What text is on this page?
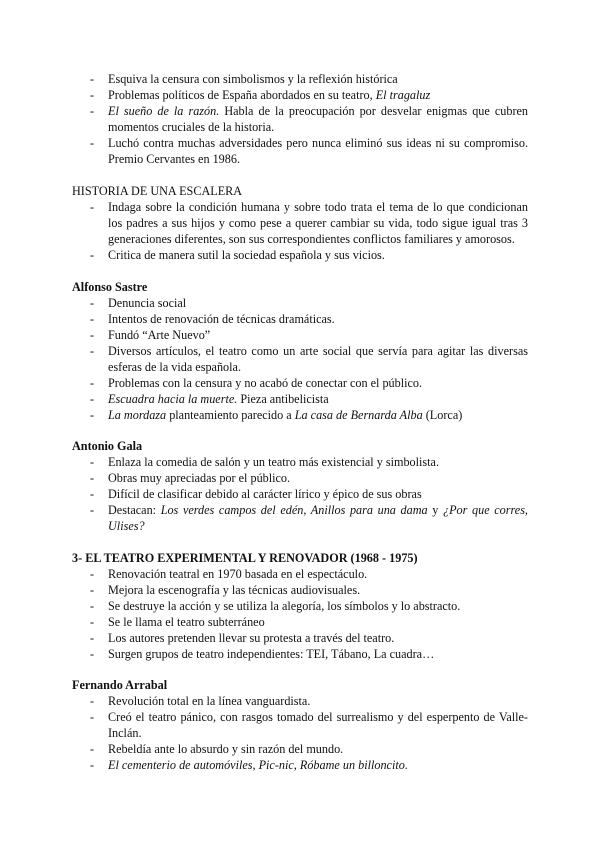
- Esquiva la censura con simbolismos y la reflexión histórica
- Problemas políticos de España abordados en su teatro, El tragaluz
- El sueño de la razón. Habla de la preocupación por desvelar enigmas que cubren momentos cruciales de la historia.
- Luchó contra muchas adversidades pero nunca eliminó sus ideas ni su compromiso. Premio Cervantes en 1986.
HISTORIA DE UNA ESCALERA
- Indaga sobre la condición humana y sobre todo trata el tema de lo que condicionan los padres a sus hijos y como pese a querer cambiar su vida, todo sigue igual tras 3 generaciones diferentes, son sus correspondientes conflictos familiares y amorosos.
- Critica de manera sutil la sociedad española y sus vicios.
Alfonso Sastre
- Denuncia social
- Intentos de renovación de técnicas dramáticas.
- Fundó “Arte Nuevo”
- Diversos artículos, el teatro como un arte social que servía para agitar las diversas esferas de la vida española.
- Problemas con la censura y no acabó de conectar con el público.
- Escuadra hacia la muerte. Pieza antibelicista
- La mordaza planteamiento parecido a La casa de Bernarda Alba (Lorca)
Antonio Gala
- Enlaza la comedia de salón y un teatro más existencial y simbolista.
- Obras muy apreciadas por el público.
- Difícil de clasificar debido al carácter lírico y épico de sus obras
- Destacan: Los verdes campos del edén, Anillos para una dama y ¿Por que corres, Ulises?
3- EL TEATRO EXPERIMENTAL Y RENOVADOR (1968 - 1975)
- Renovación teatral en 1970 basada en el espectáculo.
- Mejora la escenografía y las técnicas audiovisuales.
- Se destruye la acción y se utiliza la alegoría, los símbolos y lo abstracto.
- Se le llama el teatro subterráneo
- Los autores pretenden llevar su protesta a través del teatro.
- Surgen grupos de teatro independientes: TEI, Tábano, La cuadra…
Fernando Arrabal
- Revolución total en la línea vanguardista.
- Creó el teatro pánico, con rasgos tomado del surrealismo y del esperpento de Valle-Inclán.
- Rebeldía ante lo absurdo y sin razón del mundo.
- El cementerio de automóviles, Pic-nic, Róbame un billoncito.
